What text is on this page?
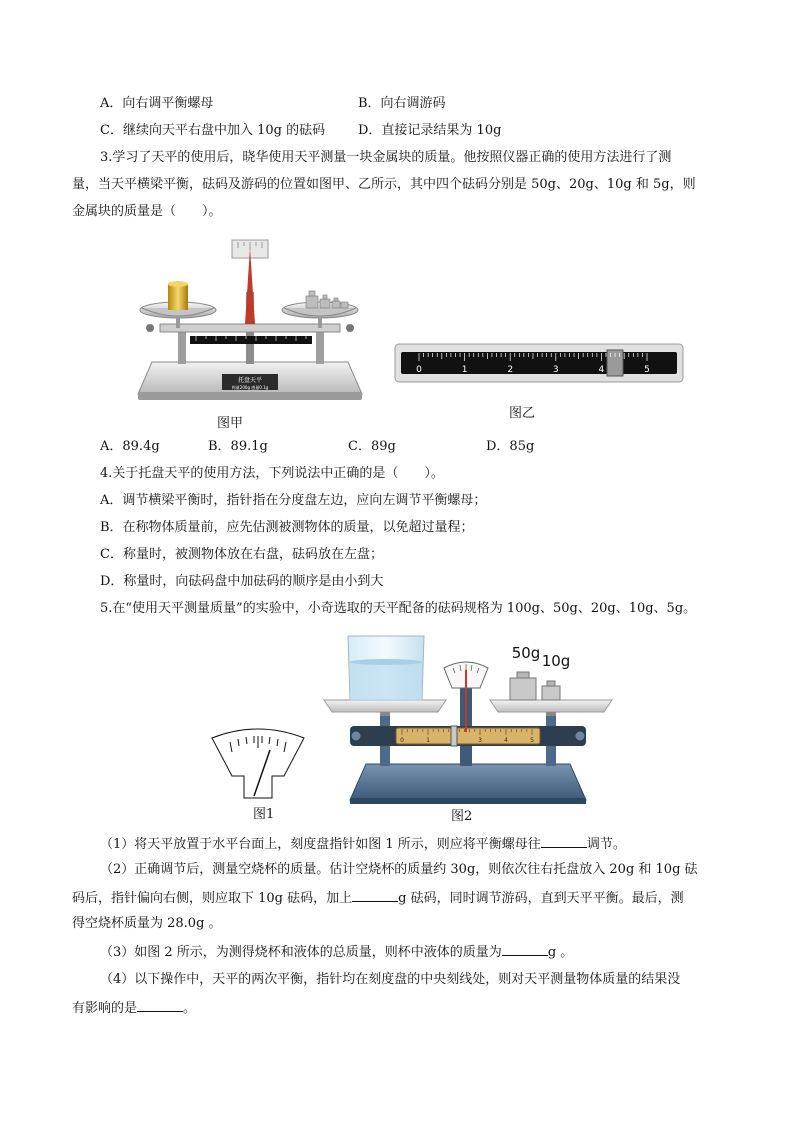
A．向右调平衡螺母	B．向右调游码
C．继续向天平右盘中加入 10g 的砝码	D．直接记录结果为 10g
3.学习了天平的使用后，晓华使用天平测量一块金属块的质量。他按照仪器正确的使用方法进行了测
量，当天平横梁平衡，砝码及游码的位置如图甲、乙所示，其中四个砝码分别是 50g、20g、10g 和 5g，则
金属块的质量是（　　）。
托盘天平
称量200g 感量0.1g
图甲
0	1	2	3	4	5
图乙
A．89.4g	B．89.1g	C．89g	D．85g
4.关于托盘天平的使用方法，下列说法中正确的是（　　）。
A．调节横梁平衡时，指针指在分度盘左边，应向左调节平衡螺母；
B．在称物体质量前，应先估测被测物体的质量，以免超过量程；
C．称量时，被测物体放在右盘，砝码放在左盘；
D．称量时，向砝码盘中加砝码的顺序是由小到大
5.在“使用天平测量质量”的实验中，小奇选取的天平配备的砝码规格为 100g、50g、20g、10g、5g。
图1
0	1	3	4	5
50g 10g
图2
（1）将天平放置于水平台面上，刻度盘指针如图 1 所示，则应将平衡螺母往	调节。
（2）正确调节后，测量空烧杯的质量。估计空烧杯的质量约 30g，则依次往右托盘放入 20g 和 10g 砝
码后，指针偏向右侧，则应取下 10g 砝码，加上	g 砝码，同时调节游码，直到天平平衡。最后，测
得空烧杯质量为 28.0g 。
（3）如图 2 所示，为测得烧杯和液体的总质量，则杯中液体的质量为	g 。
（4）以下操作中，天平的两次平衡，指针均在刻度盘的中央刻线处，则对天平测量物体质量的结果没
有影响的是	。
